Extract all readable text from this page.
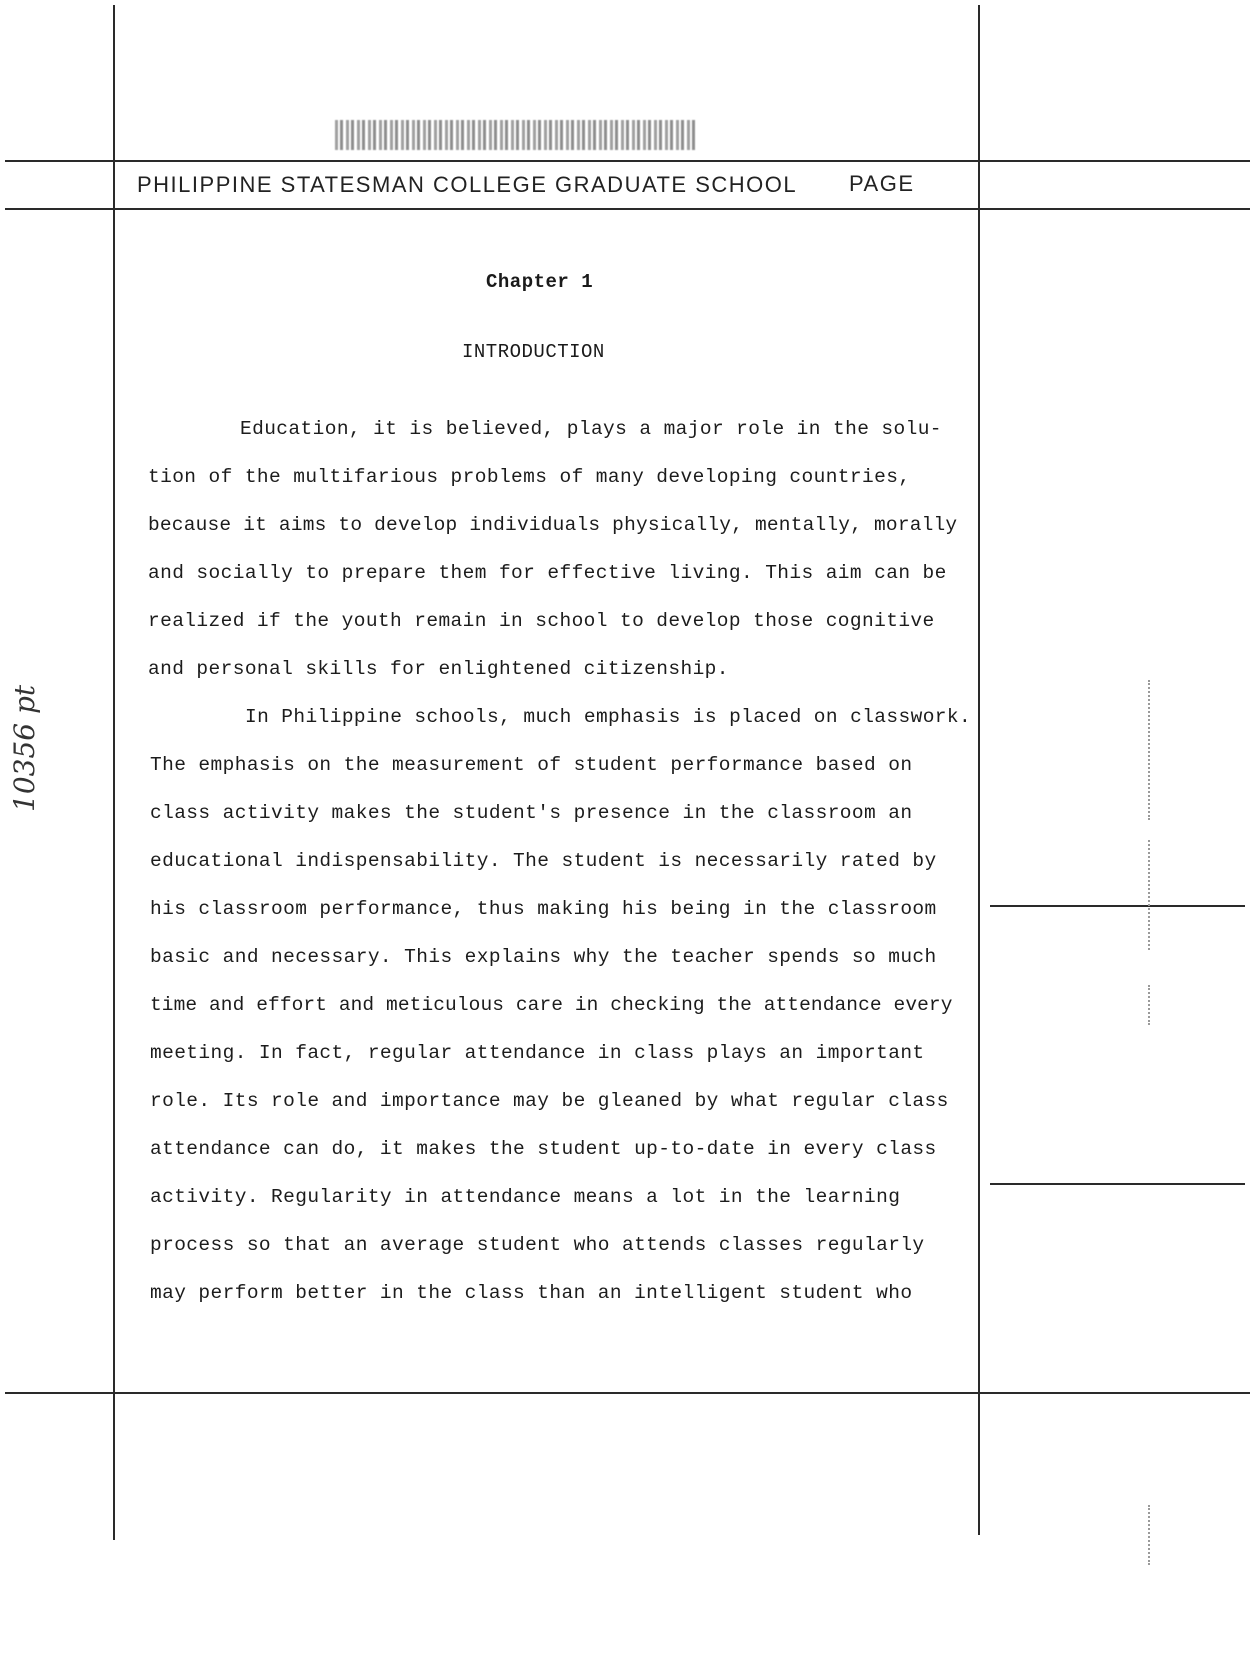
PHILIPPINE STATESMAN COLLEGE GRADUATE SCHOOL PAGE
Chapter 1
INTRODUCTION
Education, it is believed, plays a major role in the solu-
tion of the multifarious problems of many developing countries,
because it aims to develop individuals physically, mentally, morally
and socially to prepare them for effective living. This aim can be
realized if the youth remain in school to develop those cognitive
and personal skills for enlightened citizenship.
In Philippine schools, much emphasis is placed on classwork.
The emphasis on the measurement of student performance based on
class activity makes the student's presence in the classroom an
educational indispensability. The student is necessarily rated by
his classroom performance, thus making his being in the classroom
basic and necessary. This explains why the teacher spends so much
time and effort and meticulous care in checking the attendance every
meeting. In fact, regular attendance in class plays an important
role. Its role and importance may be gleaned by what regular class
attendance can do, it makes the student up-to-date in every class
activity. Regularity in attendance means a lot in the learning
process so that an average student who attends classes regularly
may perform better in the class than an intelligent student who
10356 pt
